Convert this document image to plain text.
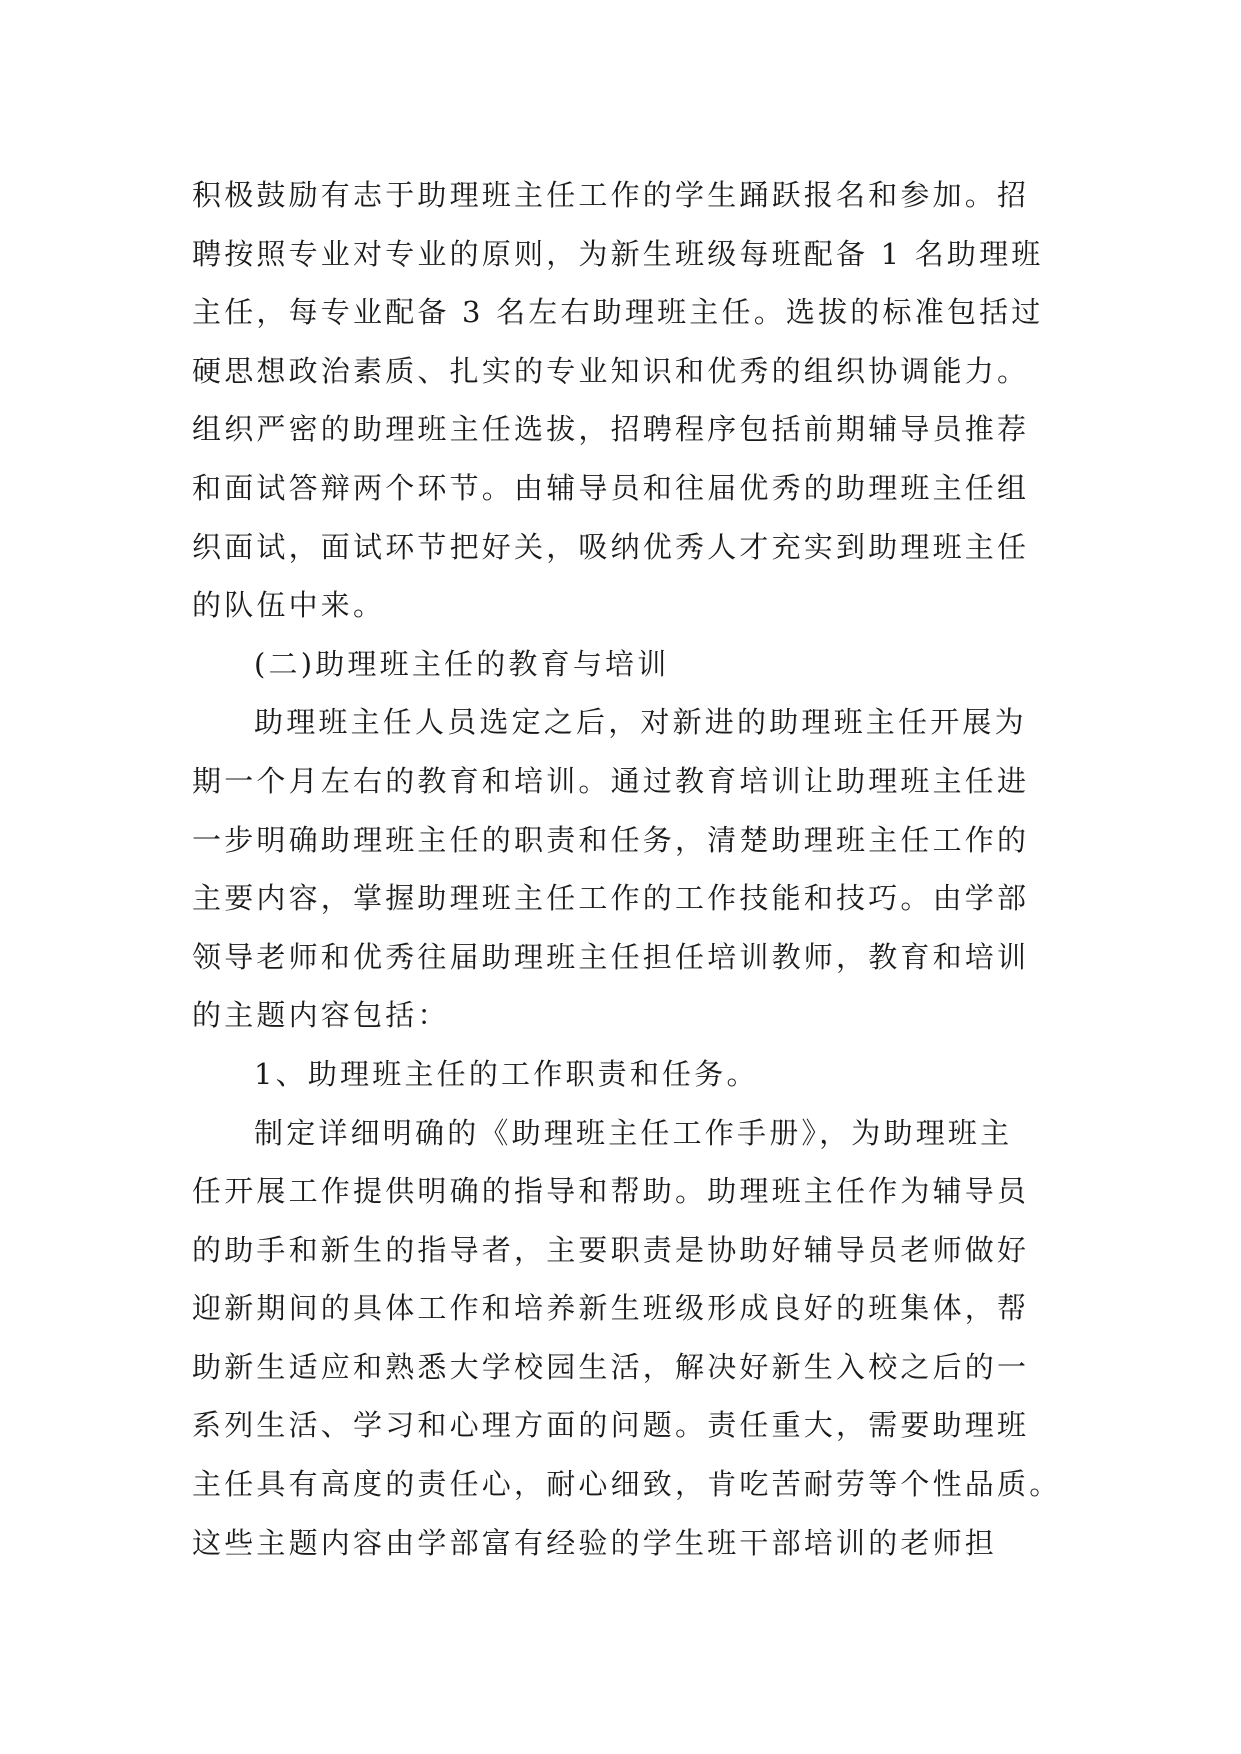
积极鼓励有志于助理班主任工作的学生踊跃报名和参加。招
聘按照专业对专业的原则，为新生班级每班配备 1 名助理班
主任，每专业配备 3 名左右助理班主任。选拔的标准包括过
硬思想政治素质、扎实的专业知识和优秀的组织协调能力。
组织严密的助理班主任选拔，招聘程序包括前期辅导员推荐
和面试答辩两个环节。由辅导员和往届优秀的助理班主任组
织面试，面试环节把好关，吸纳优秀人才充实到助理班主任
的队伍中来。
(二)助理班主任的教育与培训
助理班主任人员选定之后，对新进的助理班主任开展为
期一个月左右的教育和培训。通过教育培训让助理班主任进
一步明确助理班主任的职责和任务，清楚助理班主任工作的
主要内容，掌握助理班主任工作的工作技能和技巧。由学部
领导老师和优秀往届助理班主任担任培训教师，教育和培训
的主题内容包括：
1、助理班主任的工作职责和任务。
制定详细明确的《助理班主任工作手册》，为助理班主
任开展工作提供明确的指导和帮助。助理班主任作为辅导员
的助手和新生的指导者，主要职责是协助好辅导员老师做好
迎新期间的具体工作和培养新生班级形成良好的班集体，帮
助新生适应和熟悉大学校园生活，解决好新生入校之后的一
系列生活、学习和心理方面的问题。责任重大，需要助理班
主任具有高度的责任心，耐心细致，肯吃苦耐劳等个性品质。
这些主题内容由学部富有经验的学生班干部培训的老师担
